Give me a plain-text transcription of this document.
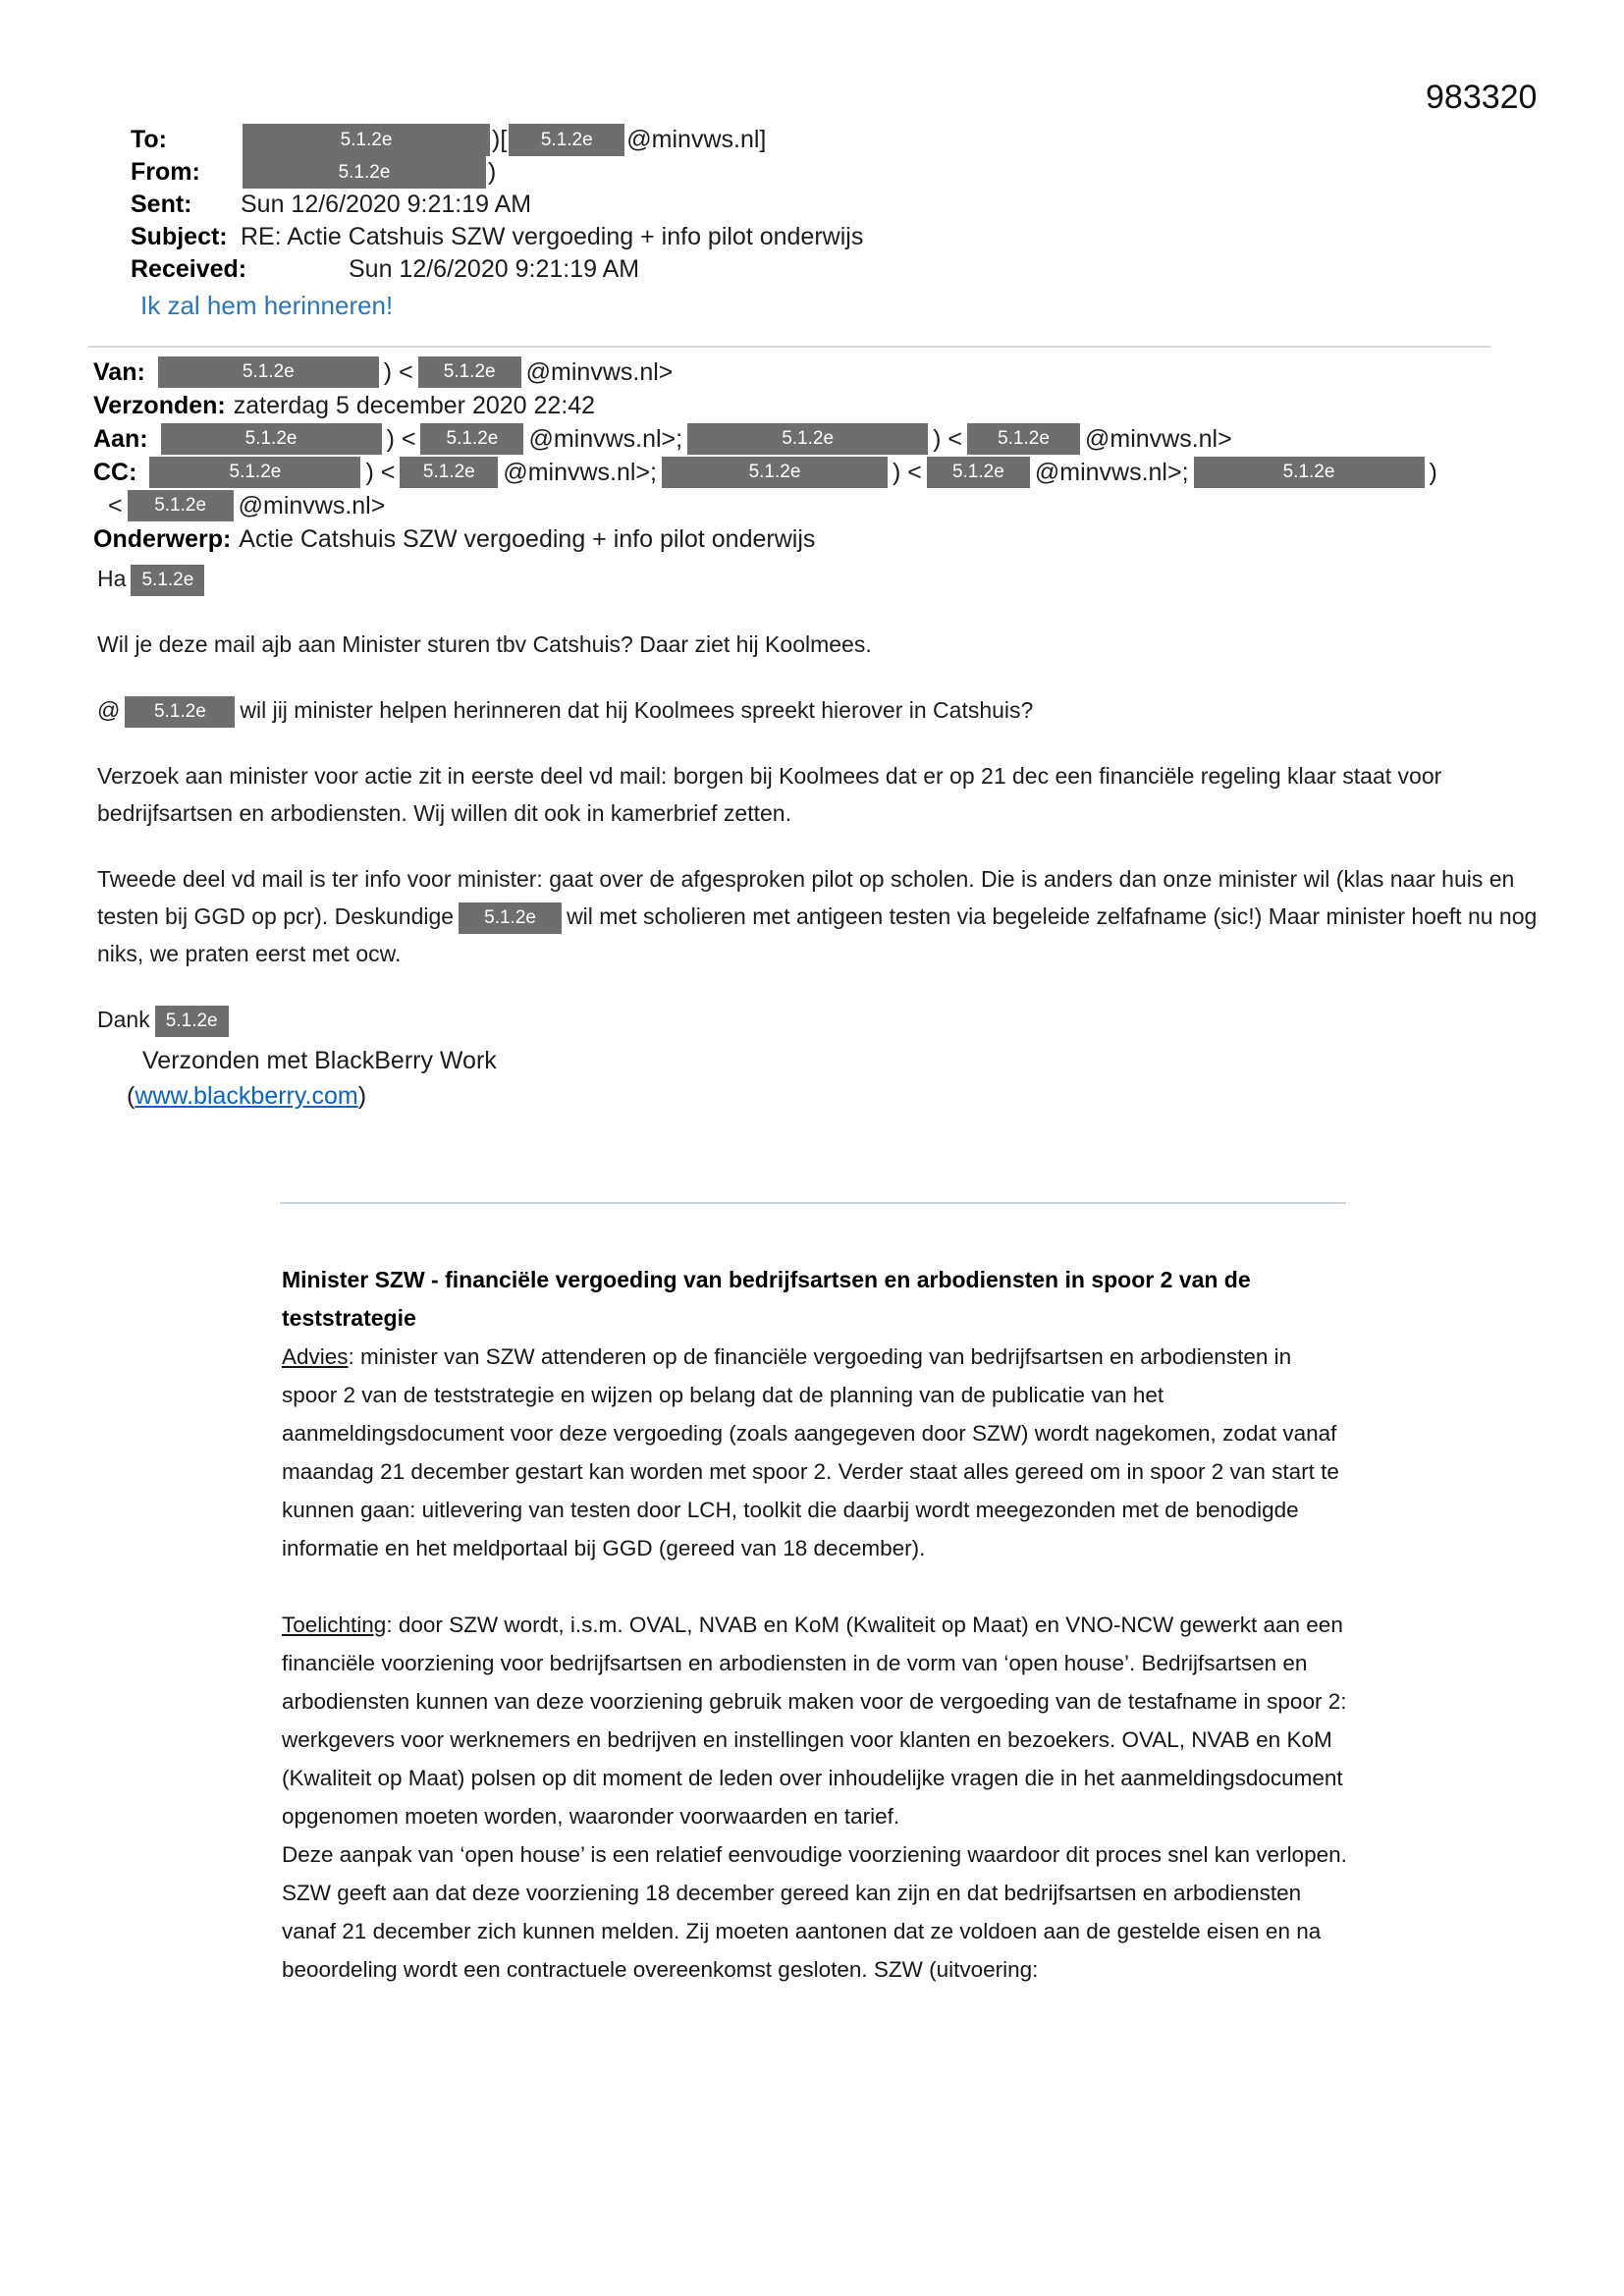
983320
To:	5.1.2e	)[	5.1.2e	@minvws.nl]
From:	5.1.2e	)
Sent:	Sun 12/6/2020 9:21:19 AM
Subject: RE: Actie Catshuis SZW vergoeding + info pilot onderwijs
Received:	Sun 12/6/2020 9:21:19 AM
Ik zal hem herinneren!
Van:	5.1.2e	) <	5.1.2e	@minvws.nl>
Verzonden: zaterdag 5 december 2020 22:42
Aan:	5.1.2e	) <	5.1.2e	@minvws.nl>;	5.1.2e	) <	5.1.2e	@minvws.nl>
CC:	5.1.2e	) <	5.1.2e	@minvws.nl>;	5.1.2e	) <	5.1.2e	@minvws.nl>;	5.1.2e	)
<	5.1.2e	@minvws.nl>
Onderwerp: Actie Catshuis SZW vergoeding + info pilot onderwijs

Ha 5.1.2e

Wil je deze mail ajb aan Minister sturen tbv Catshuis? Daar ziet hij Koolmees.

@ 5.1.2e wil jij minister helpen herinneren dat hij Koolmees spreekt hierover in Catshuis?

Verzoek aan minister voor actie zit in eerste deel vd mail: borgen bij Koolmees dat er op 21 dec een financiële regeling klaar staat voor bedrijfsartsen en arbodiensten. Wij willen dit ook in kamerbrief zetten.

Tweede deel vd mail is ter info voor minister: gaat over de afgesproken pilot op scholen. Die is anders dan onze minister wil (klas naar huis en testen bij GGD op pcr). Deskundige 5.1.2e wil met scholieren met antigeen testen via begeleide zelfafname (sic!) Maar minister hoeft nu nog niks, we praten eerst met ocw.

Dank 5.1.2e

Verzonden met BlackBerry Work
(www.blackberry.com)

Minister SZW - financiële vergoeding van bedrijfsartsen en arbodiensten in spoor 2 van de teststrategie

Advies: minister van SZW attenderen op de financiële vergoeding van bedrijfsartsen en arbodiensten in spoor 2 van de teststrategie en wijzen op belang dat de planning van de publicatie van het aanmeldingsdocument voor deze vergoeding (zoals aangegeven door SZW) wordt nagekomen, zodat vanaf maandag 21 december gestart kan worden met spoor 2. Verder staat alles gereed om in spoor 2 van start te kunnen gaan: uitlevering van testen door LCH, toolkit die daarbij wordt meegezonden met de benodigde informatie en het meldportaal bij GGD (gereed van 18 december).

Toelichting: door SZW wordt, i.s.m. OVAL, NVAB en KoM (Kwaliteit op Maat) en VNO-NCW gewerkt aan een financiële voorziening voor bedrijfsartsen en arbodiensten in de vorm van ‘open house’. Bedrijfsartsen en arbodiensten kunnen van deze voorziening gebruik maken voor de vergoeding van de testafname in spoor 2: werkgevers voor werknemers en bedrijven en instellingen voor klanten en bezoekers. OVAL, NVAB en KoM (Kwaliteit op Maat) polsen op dit moment de leden over inhoudelijke vragen die in het aanmeldingsdocument opgenomen moeten worden, waaronder voorwaarden en tarief.

Deze aanpak van ‘open house’ is een relatief eenvoudige voorziening waardoor dit proces snel kan verlopen. SZW geeft aan dat deze voorziening 18 december gereed kan zijn en dat bedrijfsartsen en arbodiensten vanaf 21 december zich kunnen melden. Zij moeten aantonen dat ze voldoen aan de gestelde eisen en na beoordeling wordt een contractuele overeenkomst gesloten. SZW (uitvoering:
